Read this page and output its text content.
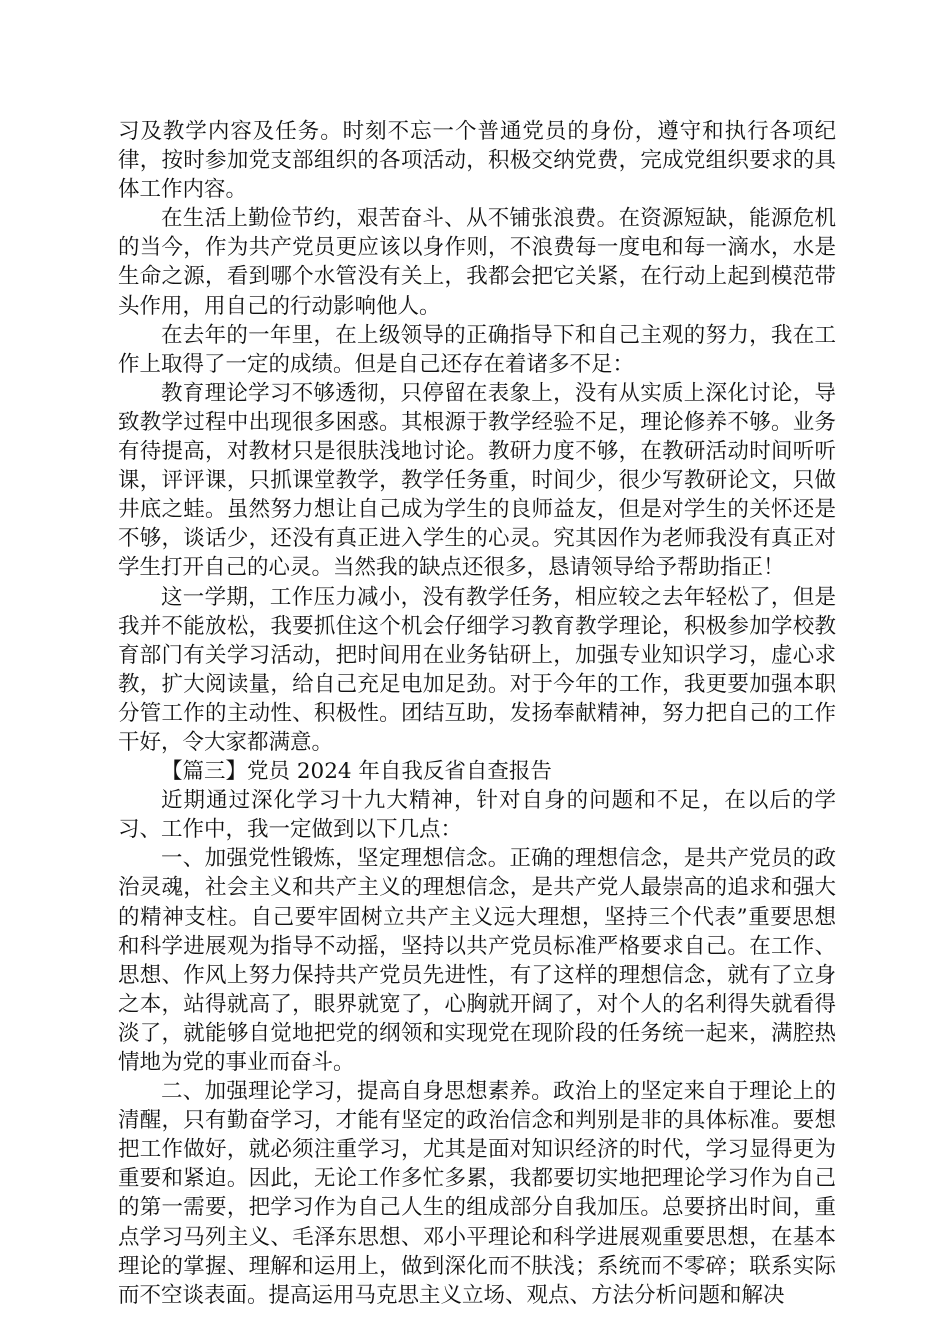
习及教学内容及任务。时刻不忘一个普通党员的身份，遵守和执行各项纪律，按时参加党支部组织的各项活动，积极交纳党费，完成党组织要求的具体工作内容。

在生活上勤俭节约，艰苦奋斗、从不铺张浪费。在资源短缺，能源危机的当今，作为共产党员更应该以身作则，不浪费每一度电和每一滴水，水是生命之源，看到哪个水管没有关上，我都会把它关紧，在行动上起到模范带头作用，用自己的行动影响他人。

在去年的一年里，在上级领导的正确指导下和自己主观的努力，我在工作上取得了一定的成绩。但是自己还存在着诸多不足：

教育理论学习不够透彻，只停留在表象上，没有从实质上深化讨论，导致教学过程中出现很多困惑。其根源于教学经验不足，理论修养不够。业务有待提高，对教材只是很肤浅地讨论。教研力度不够，在教研活动时间听听课，评评课，只抓课堂教学，教学任务重，时间少，很少写教研论文，只做井底之蛙。虽然努力想让自己成为学生的良师益友，但是对学生的关怀还是不够，谈话少，还没有真正进入学生的心灵。究其因作为老师我没有真正对学生打开自己的心灵。当然我的缺点还很多，恳请领导给予帮助指正！

这一学期，工作压力减小，没有教学任务，相应较之去年轻松了，但是我并不能放松，我要抓住这个机会仔细学习教育教学理论，积极参加学校教育部门有关学习活动，把时间用在业务钻研上，加强专业知识学习，虚心求教，扩大阅读量，给自己充足电加足劲。对于今年的工作，我更要加强本职分管工作的主动性、积极性。团结互助，发扬奉献精神，努力把自己的工作干好，令大家都满意。

【篇三】党员 2024 年自我反省自查报告

近期通过深化学习十九大精神，针对自身的问题和不足，在以后的学习、工作中，我一定做到以下几点：

一、加强党性锻炼，坚定理想信念。正确的理想信念，是共产党员的政治灵魂，社会主义和共产主义的理想信念，是共产党人最崇高的追求和强大的精神支柱。自己要牢固树立共产主义远大理想，坚持三个代表”重要思想和科学进展观为指导不动摇，坚持以共产党员标准严格要求自己。在工作、思想、作风上努力保持共产党员先进性，有了这样的理想信念，就有了立身之本，站得就高了，眼界就宽了，心胸就开阔了，对个人的名利得失就看得淡了，就能够自觉地把党的纲领和实现党在现阶段的任务统一起来，满腔热情地为党的事业而奋斗。

二、加强理论学习，提高自身思想素养。政治上的坚定来自于理论上的清醒，只有勤奋学习，才能有坚定的政治信念和判别是非的具体标准。要想把工作做好，就必须注重学习，尤其是面对知识经济的时代，学习显得更为重要和紧迫。因此，无论工作多忙多累，我都要切实地把理论学习作为自己的第一需要，把学习作为自己人生的组成部分自我加压。总要挤出时间，重点学习马列主义、毛泽东思想、邓小平理论和科学进展观重要思想，在基本理论的掌握、理解和运用上，做到深化而不肤浅；系统而不零碎；联系实际而不空谈表面。提高运用马克思主义立场、观点、方法分析问题和解决
